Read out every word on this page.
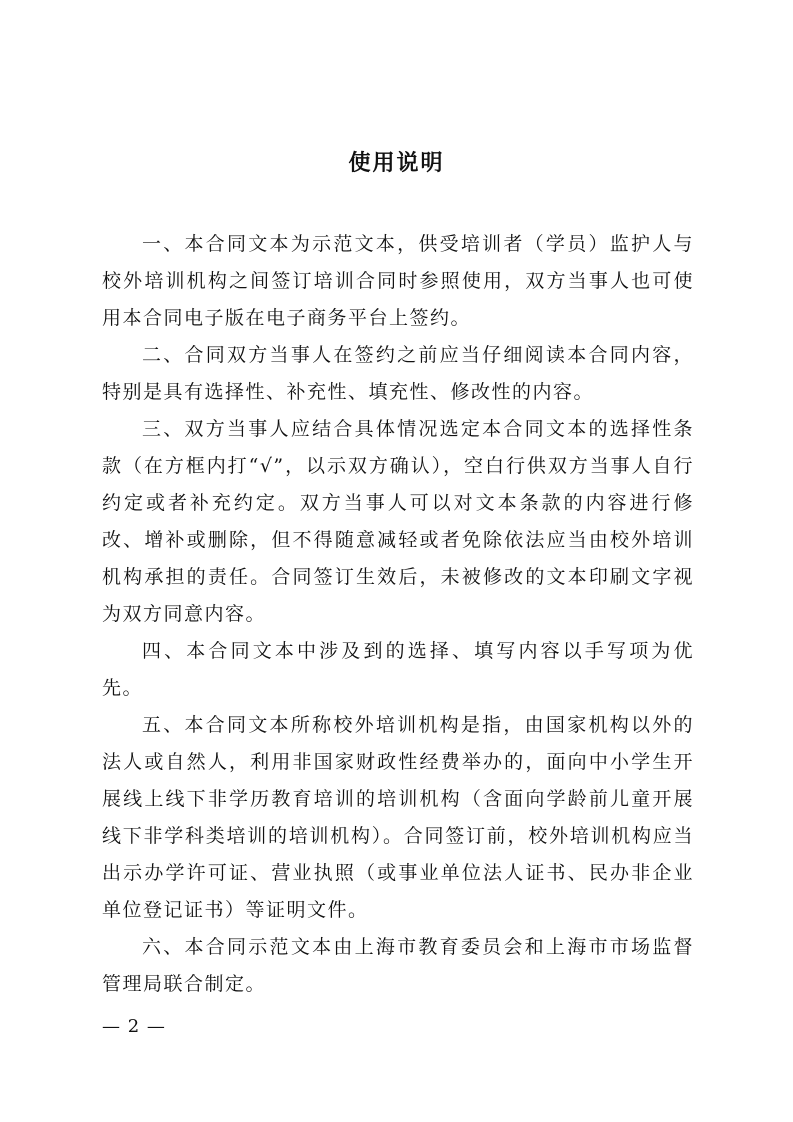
使用说明

一、本合同文本为示范文本，供受培训者（学员）监护人与校外培训机构之间签订培训合同时参照使用，双方当事人也可使用本合同电子版在电子商务平台上签约。

二、合同双方当事人在签约之前应当仔细阅读本合同内容，特别是具有选择性、补充性、填充性、修改性的内容。

三、双方当事人应结合具体情况选定本合同文本的选择性条款（在方框内打“√”，以示双方确认），空白行供双方当事人自行约定或者补充约定。双方当事人可以对文本条款的内容进行修改、增补或删除，但不得随意减轻或者免除依法应当由校外培训机构承担的责任。合同签订生效后，未被修改的文本印刷文字视为双方同意内容。

四、本合同文本中涉及到的选择、填写内容以手写项为优先。

五、本合同文本所称校外培训机构是指，由国家机构以外的法人或自然人，利用非国家财政性经费举办的，面向中小学生开展线上线下非学历教育培训的培训机构（含面向学龄前儿童开展线下非学科类培训的培训机构）。合同签订前，校外培训机构应当出示办学许可证、营业执照（或事业单位法人证书、民办非企业单位登记证书）等证明文件。

六、本合同示范文本由上海市教育委员会和上海市市场监督管理局联合制定。

— 2 —
